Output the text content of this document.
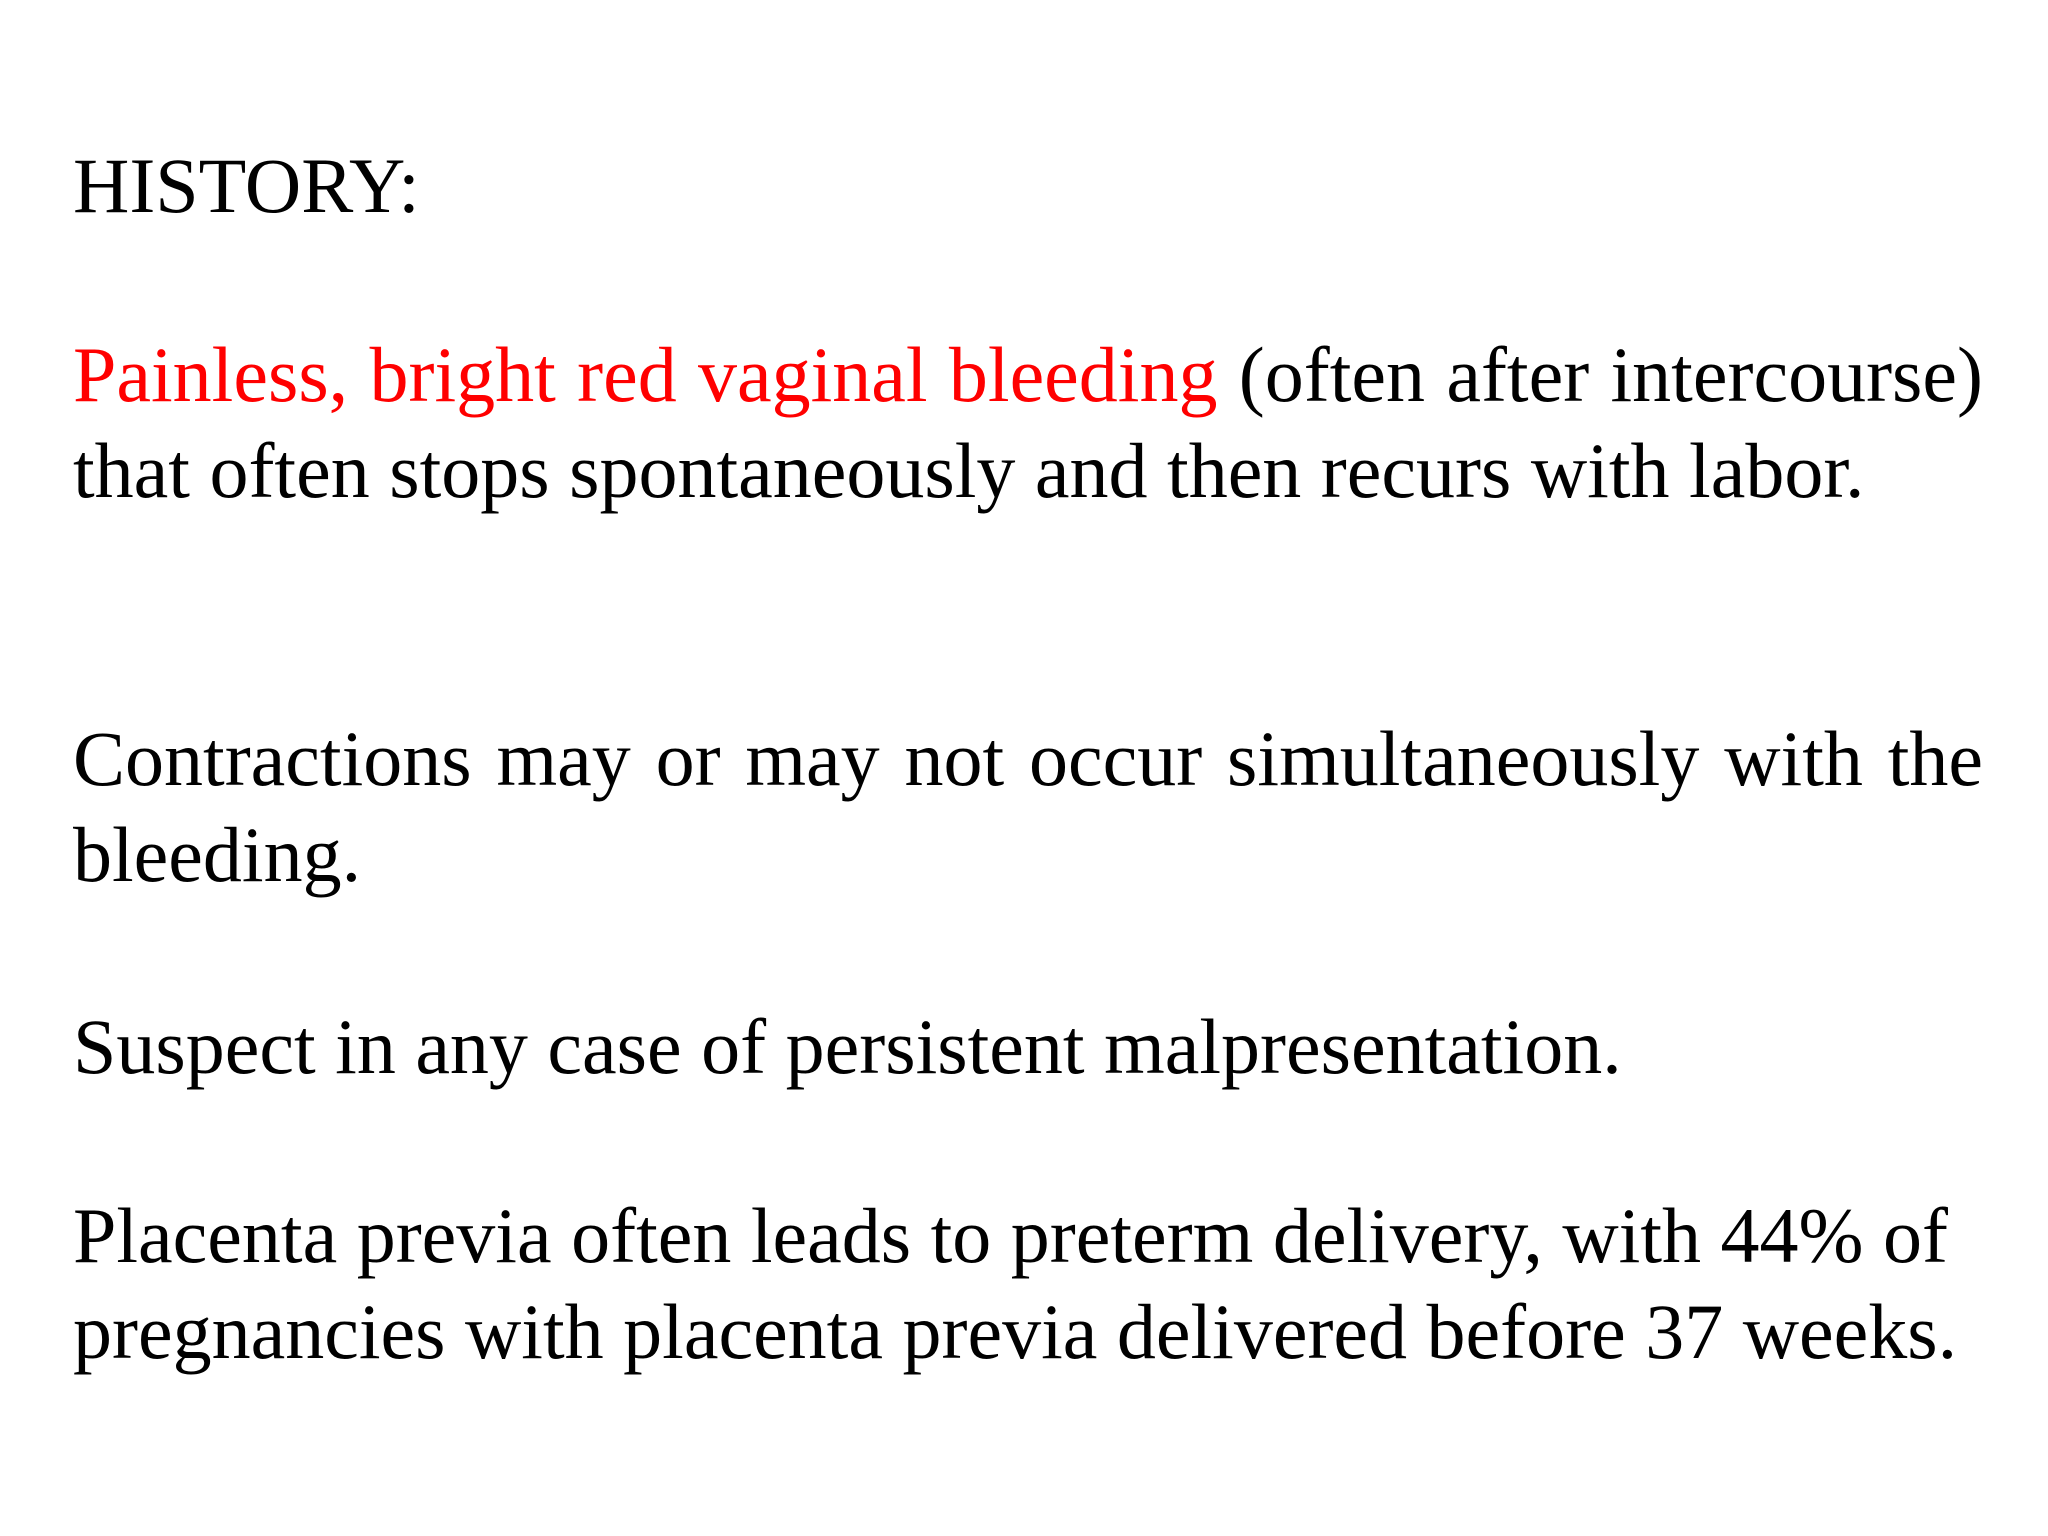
HISTORY:

Painless, bright red vaginal bleeding (often after intercourse) that often stops spontaneously and then recurs with labor.

Contractions may or may not occur simultaneously with the bleeding.

Suspect in any case of persistent malpresentation.

Placenta previa often leads to preterm delivery, with 44% of pregnancies with placenta previa delivered before 37 weeks.
